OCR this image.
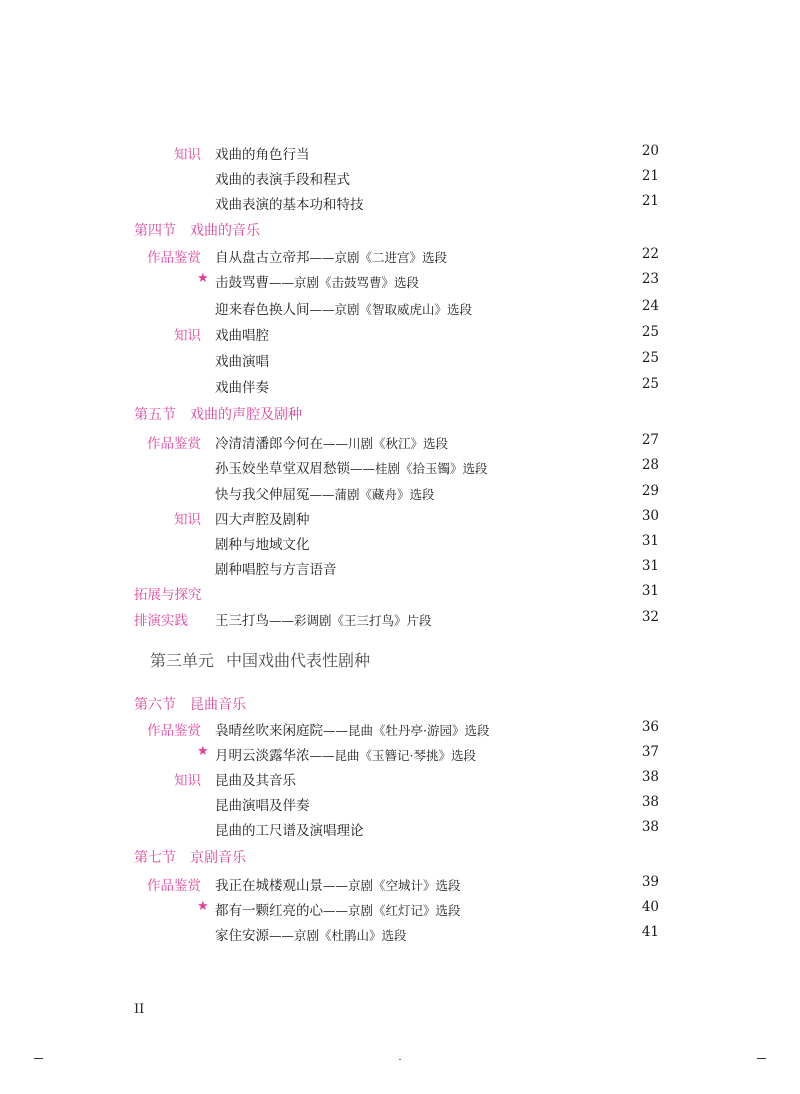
知识 戏曲的角色行当	20
戏曲的表演手段和程式	21
戏曲表演的基本功和特技	21
第四节　戏曲的音乐
作品鉴赏 自从盘古立帝邦——京剧《二进宫》选段	22
★ 击鼓骂曹——京剧《击鼓骂曹》选段	23
迎来春色换人间——京剧《智取威虎山》选段	24
知识 戏曲唱腔	25
戏曲演唱	25
戏曲伴奏	25
第五节　戏曲的声腔及剧种
作品鉴赏 冷清清潘郎今何在——川剧《秋江》选段	27
孙玉姣坐草堂双眉愁锁——桂剧《拾玉镯》选段	28
快与我父伸屈冤——蒲剧《藏舟》选段	29
知识 四大声腔及剧种	30
剧种与地域文化	31
剧种唱腔与方言语音	31
拓展与探究	31
排演实践 王三打鸟——彩调剧《王三打鸟》片段	32
第三单元 中国戏曲代表性剧种
第六节　昆曲音乐
作品鉴赏 袅晴丝吹来闲庭院——昆曲《牡丹亭·游园》选段	36
★ 月明云淡露华浓——昆曲《玉簪记·琴挑》选段	37
知识 昆曲及其音乐	38
昆曲演唱及伴奏	38
昆曲的工尺谱及演唱理论	38
第七节　京剧音乐
作品鉴赏 我正在城楼观山景——京剧《空城计》选段	39
★ 都有一颗红亮的心——京剧《红灯记》选段	40
家住安源——京剧《杜鹃山》选段	41
II
